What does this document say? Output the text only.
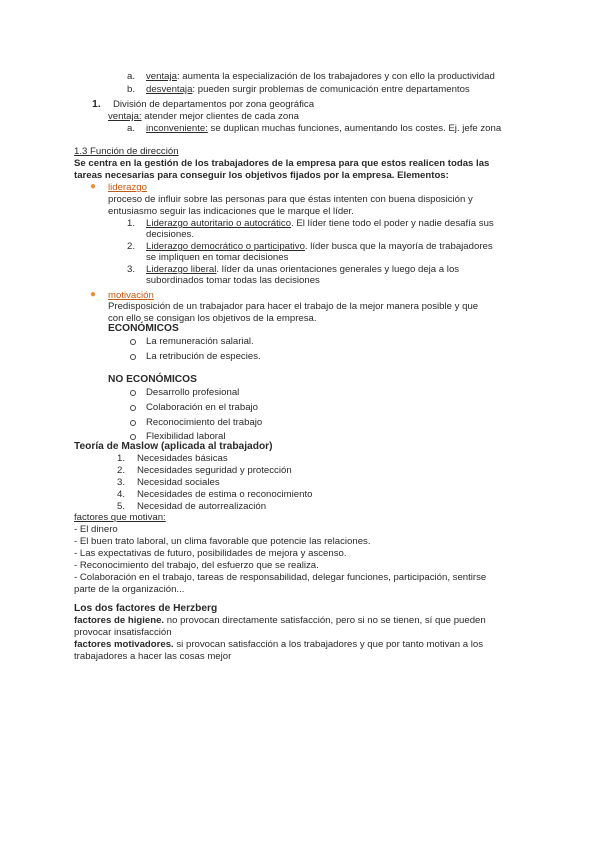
a. ventaja: aumenta la especialización de los trabajadores y con ello la productividad
b. desventaja: pueden surgir problemas de comunicación entre departamentos
1. División de departamentos por zona geográfica
ventaja: atender mejor clientes de cada zona
a. inconveniente: se duplican muchas funciones, aumentando los costes. Ej. jefe zona
1.3 Función de dirección
Se centra en la gestión de los trabajadores de la empresa para que estos realicen todas las
tareas necesarias para conseguir los objetivos fijados por la empresa. Elementos:
● liderazgo
proceso de influir sobre las personas para que éstas intenten con buena disposición y
entusiasmo seguir las indicaciones que le marque el líder.
1. Liderazgo autoritario o autocrático. El líder tiene todo el poder y nadie desafía sus
decisiones.
2. Liderazgo democrático o participativo. líder busca que la mayoría de trabajadores
se impliquen en tomar decisiones
3. Liderazgo liberal. líder da unas orientaciones generales y luego deja a los
subordinados tomar todas las decisiones
● motivación
Predisposición de un trabajador para hacer el trabajo de la mejor manera posible y que
con ello se consigan los objetivos de la empresa.
ECONÓMICOS
La remuneración salarial.
La retribución de especies.
NO ECONÓMICOS
Desarrollo profesional
Colaboración en el trabajo
Reconocimiento del trabajo
Flexibilidad laboral
Teoría de Maslow (aplicada al trabajador)
1. Necesidades básicas
2. Necesidades seguridad y protección
3. Necesidad sociales
4. Necesidades de estima o reconocimiento
5. Necesidad de autorrealización
factores que motivan:
- El dinero
- El buen trato laboral, un clima favorable que potencie las relaciones.
- Las expectativas de futuro, posibilidades de mejora y ascenso.
- Reconocimiento del trabajo, del esfuerzo que se realiza.
- Colaboración en el trabajo, tareas de responsabilidad, delegar funciones, participación, sentirse
parte de la organización...
Los dos factores de Herzberg
factores de higiene. no provocan directamente satisfacción, pero si no se tienen, sí que pueden
provocar insatisfacción
factores motivadores. si provocan satisfacción a los trabajadores y que por tanto motivan a los
trabajadores a hacer las cosas mejor
